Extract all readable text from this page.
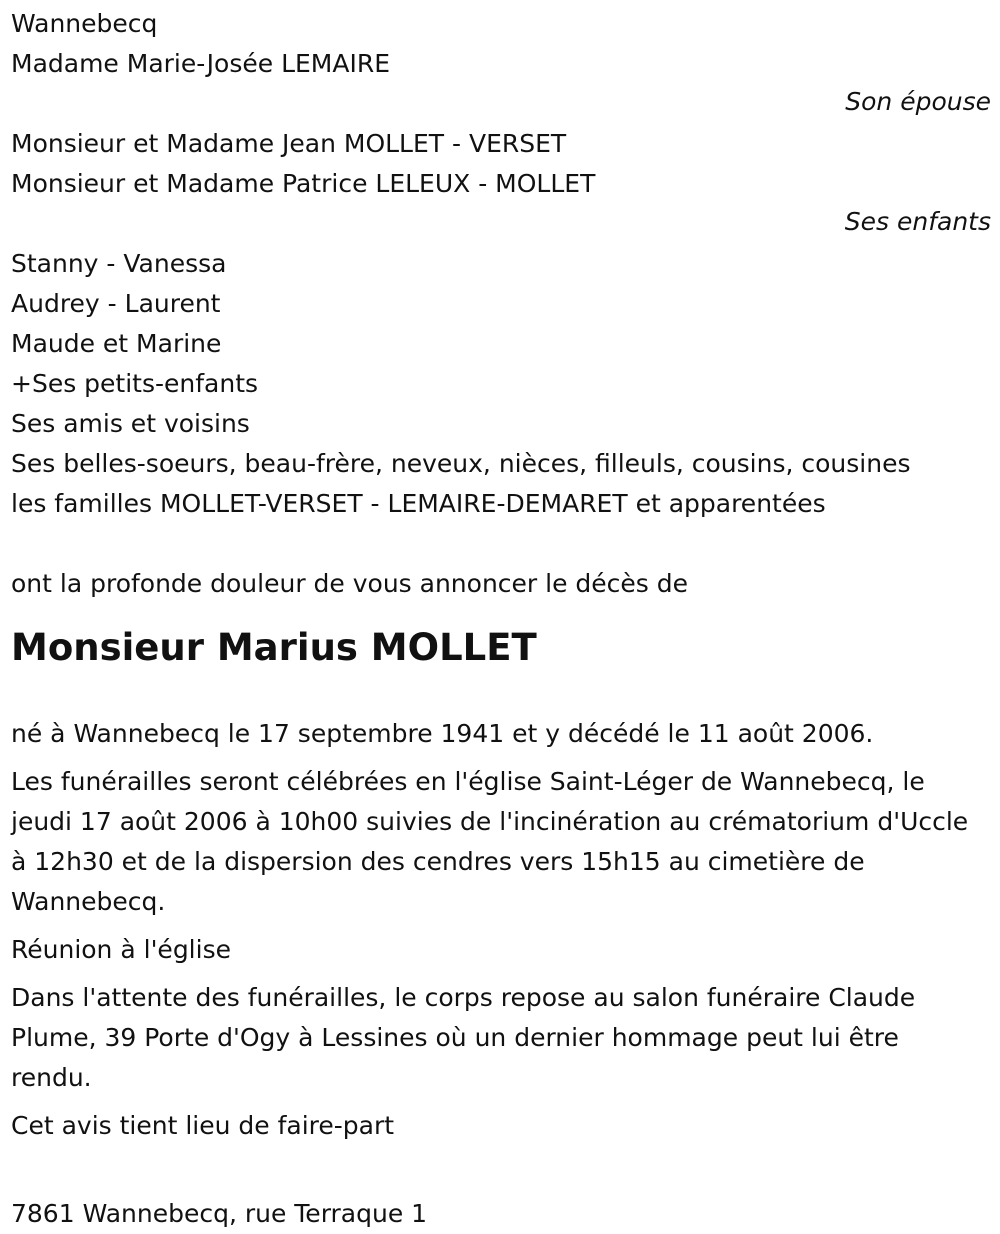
Wannebecq

Madame Marie-Josée LEMAIRE

Son épouse

Monsieur et Madame Jean MOLLET - VERSET

Monsieur et Madame Patrice LELEUX - MOLLET

Ses enfants

Stanny - Vanessa

Audrey - Laurent

Maude et Marine

+Ses petits-enfants

Ses amis et voisins

Ses belles-soeurs, beau-frère, neveux, nièces, filleuls, cousins, cousines

les familles MOLLET-VERSET - LEMAIRE-DEMARET et apparentées

ont la profonde douleur de vous annoncer le décès de

Monsieur Marius MOLLET

né à Wannebecq le 17 septembre 1941 et y décédé le 11 août 2006.

Les funérailles seront célébrées en l'église Saint-Léger de Wannebecq, le jeudi 17 août 2006 à 10h00 suivies de l'incinération au crématorium d'Uccle à 12h30 et de la dispersion des cendres vers 15h15 au cimetière de Wannebecq.

Réunion à l'église

Dans l'attente des funérailles, le corps repose au salon funéraire Claude Plume, 39 Porte d'Ogy à Lessines où un dernier hommage peut lui être rendu.

Cet avis tient lieu de faire-part

7861 Wannebecq, rue Terraque 1
